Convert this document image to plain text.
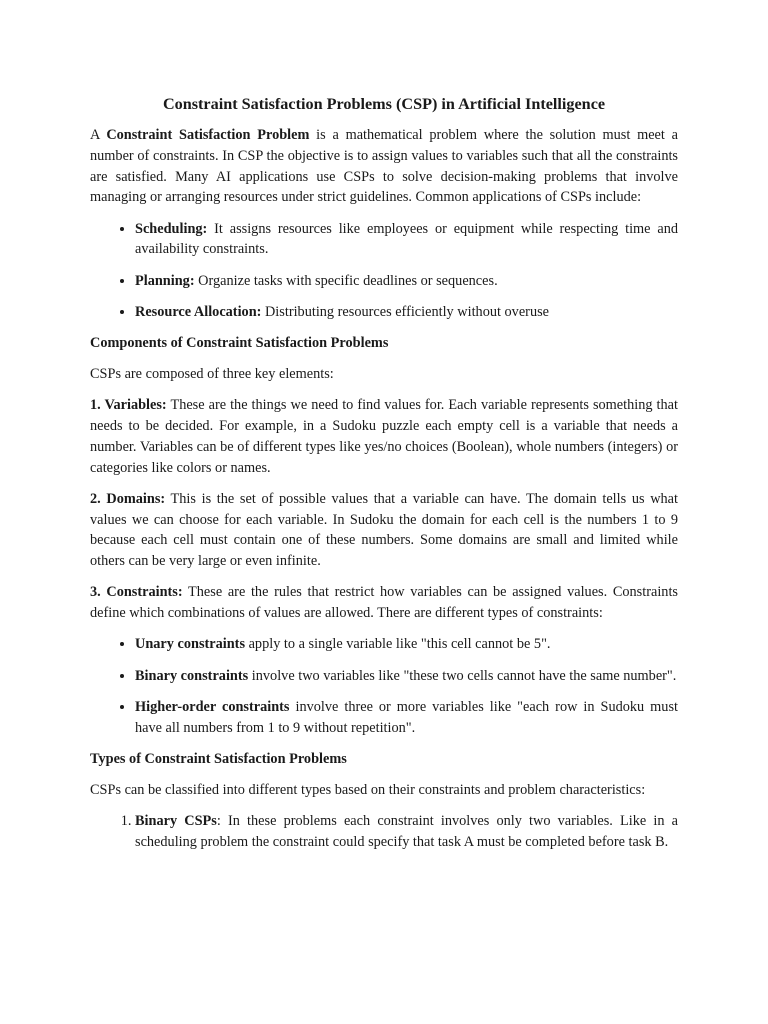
Constraint Satisfaction Problems (CSP) in Artificial Intelligence

A Constraint Satisfaction Problem is a mathematical problem where the solution must meet a number of constraints. In CSP the objective is to assign values to variables such that all the constraints are satisfied. Many AI applications use CSPs to solve decision-making problems that involve managing or arranging resources under strict guidelines. Common applications of CSPs include:

• Scheduling: It assigns resources like employees or equipment while respecting time and availability constraints.
• Planning: Organize tasks with specific deadlines or sequences.
• Resource Allocation: Distributing resources efficiently without overuse
Components of Constraint Satisfaction Problems

CSPs are composed of three key elements:

1. Variables: These are the things we need to find values for. Each variable represents something that needs to be decided. For example, in a Sudoku puzzle each empty cell is a variable that needs a number. Variables can be of different types like yes/no choices (Boolean), whole numbers (integers) or categories like colors or names.

2. Domains: This is the set of possible values that a variable can have. The domain tells us what values we can choose for each variable. In Sudoku the domain for each cell is the numbers 1 to 9 because each cell must contain one of these numbers. Some domains are small and limited while others can be very large or even infinite.

3. Constraints: These are the rules that restrict how variables can be assigned values. Constraints define which combinations of values are allowed. There are different types of constraints:

• Unary constraints apply to a single variable like "this cell cannot be 5".
• Binary constraints involve two variables like "these two cells cannot have the same number".
• Higher-order constraints involve three or more variables like "each row in Sudoku must have all numbers from 1 to 9 without repetition".
Types of Constraint Satisfaction Problems

CSPs can be classified into different types based on their constraints and problem characteristics:

1. Binary CSPs: In these problems each constraint involves only two variables. Like in a scheduling problem the constraint could specify that task A must be completed before task B.
